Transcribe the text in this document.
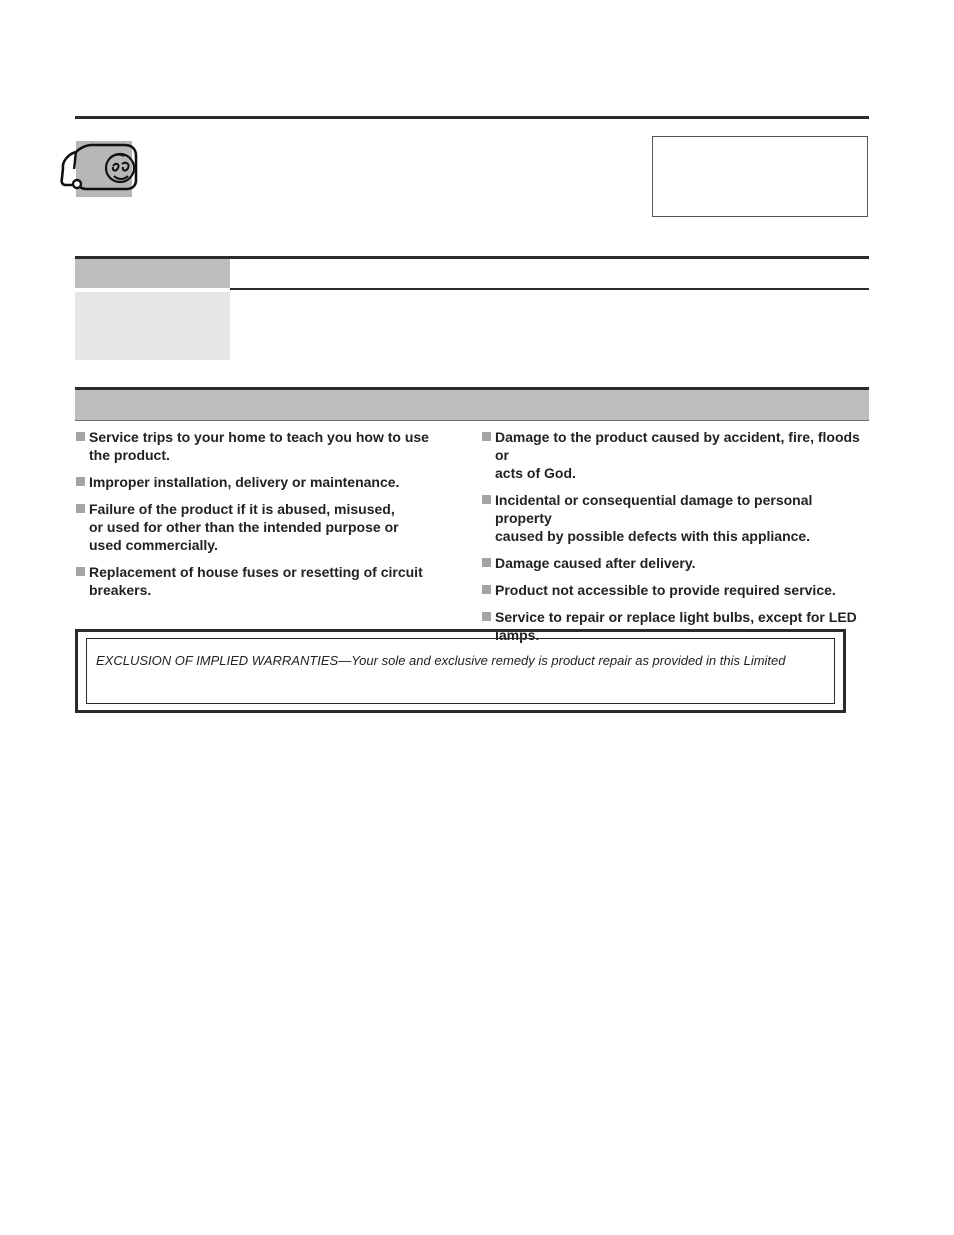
Service trips to your home to teach you how to use
the product.
Improper installation, delivery or maintenance.
Failure of the product if it is abused, misused,
or used for other than the intended purpose or
used commercially.
Replacement of house fuses or resetting of circuit
breakers.
Damage to the product caused by accident, fire, floods or
acts of God.
Incidental or consequential damage to personal property
caused by possible defects with this appliance.
Damage caused after delivery.
Product not accessible to provide required service.
Service to repair or replace light bulbs, except for LED
lamps.
EXCLUSION OF IMPLIED WARRANTIES—Your sole and exclusive remedy is product repair as provided in this Limited
